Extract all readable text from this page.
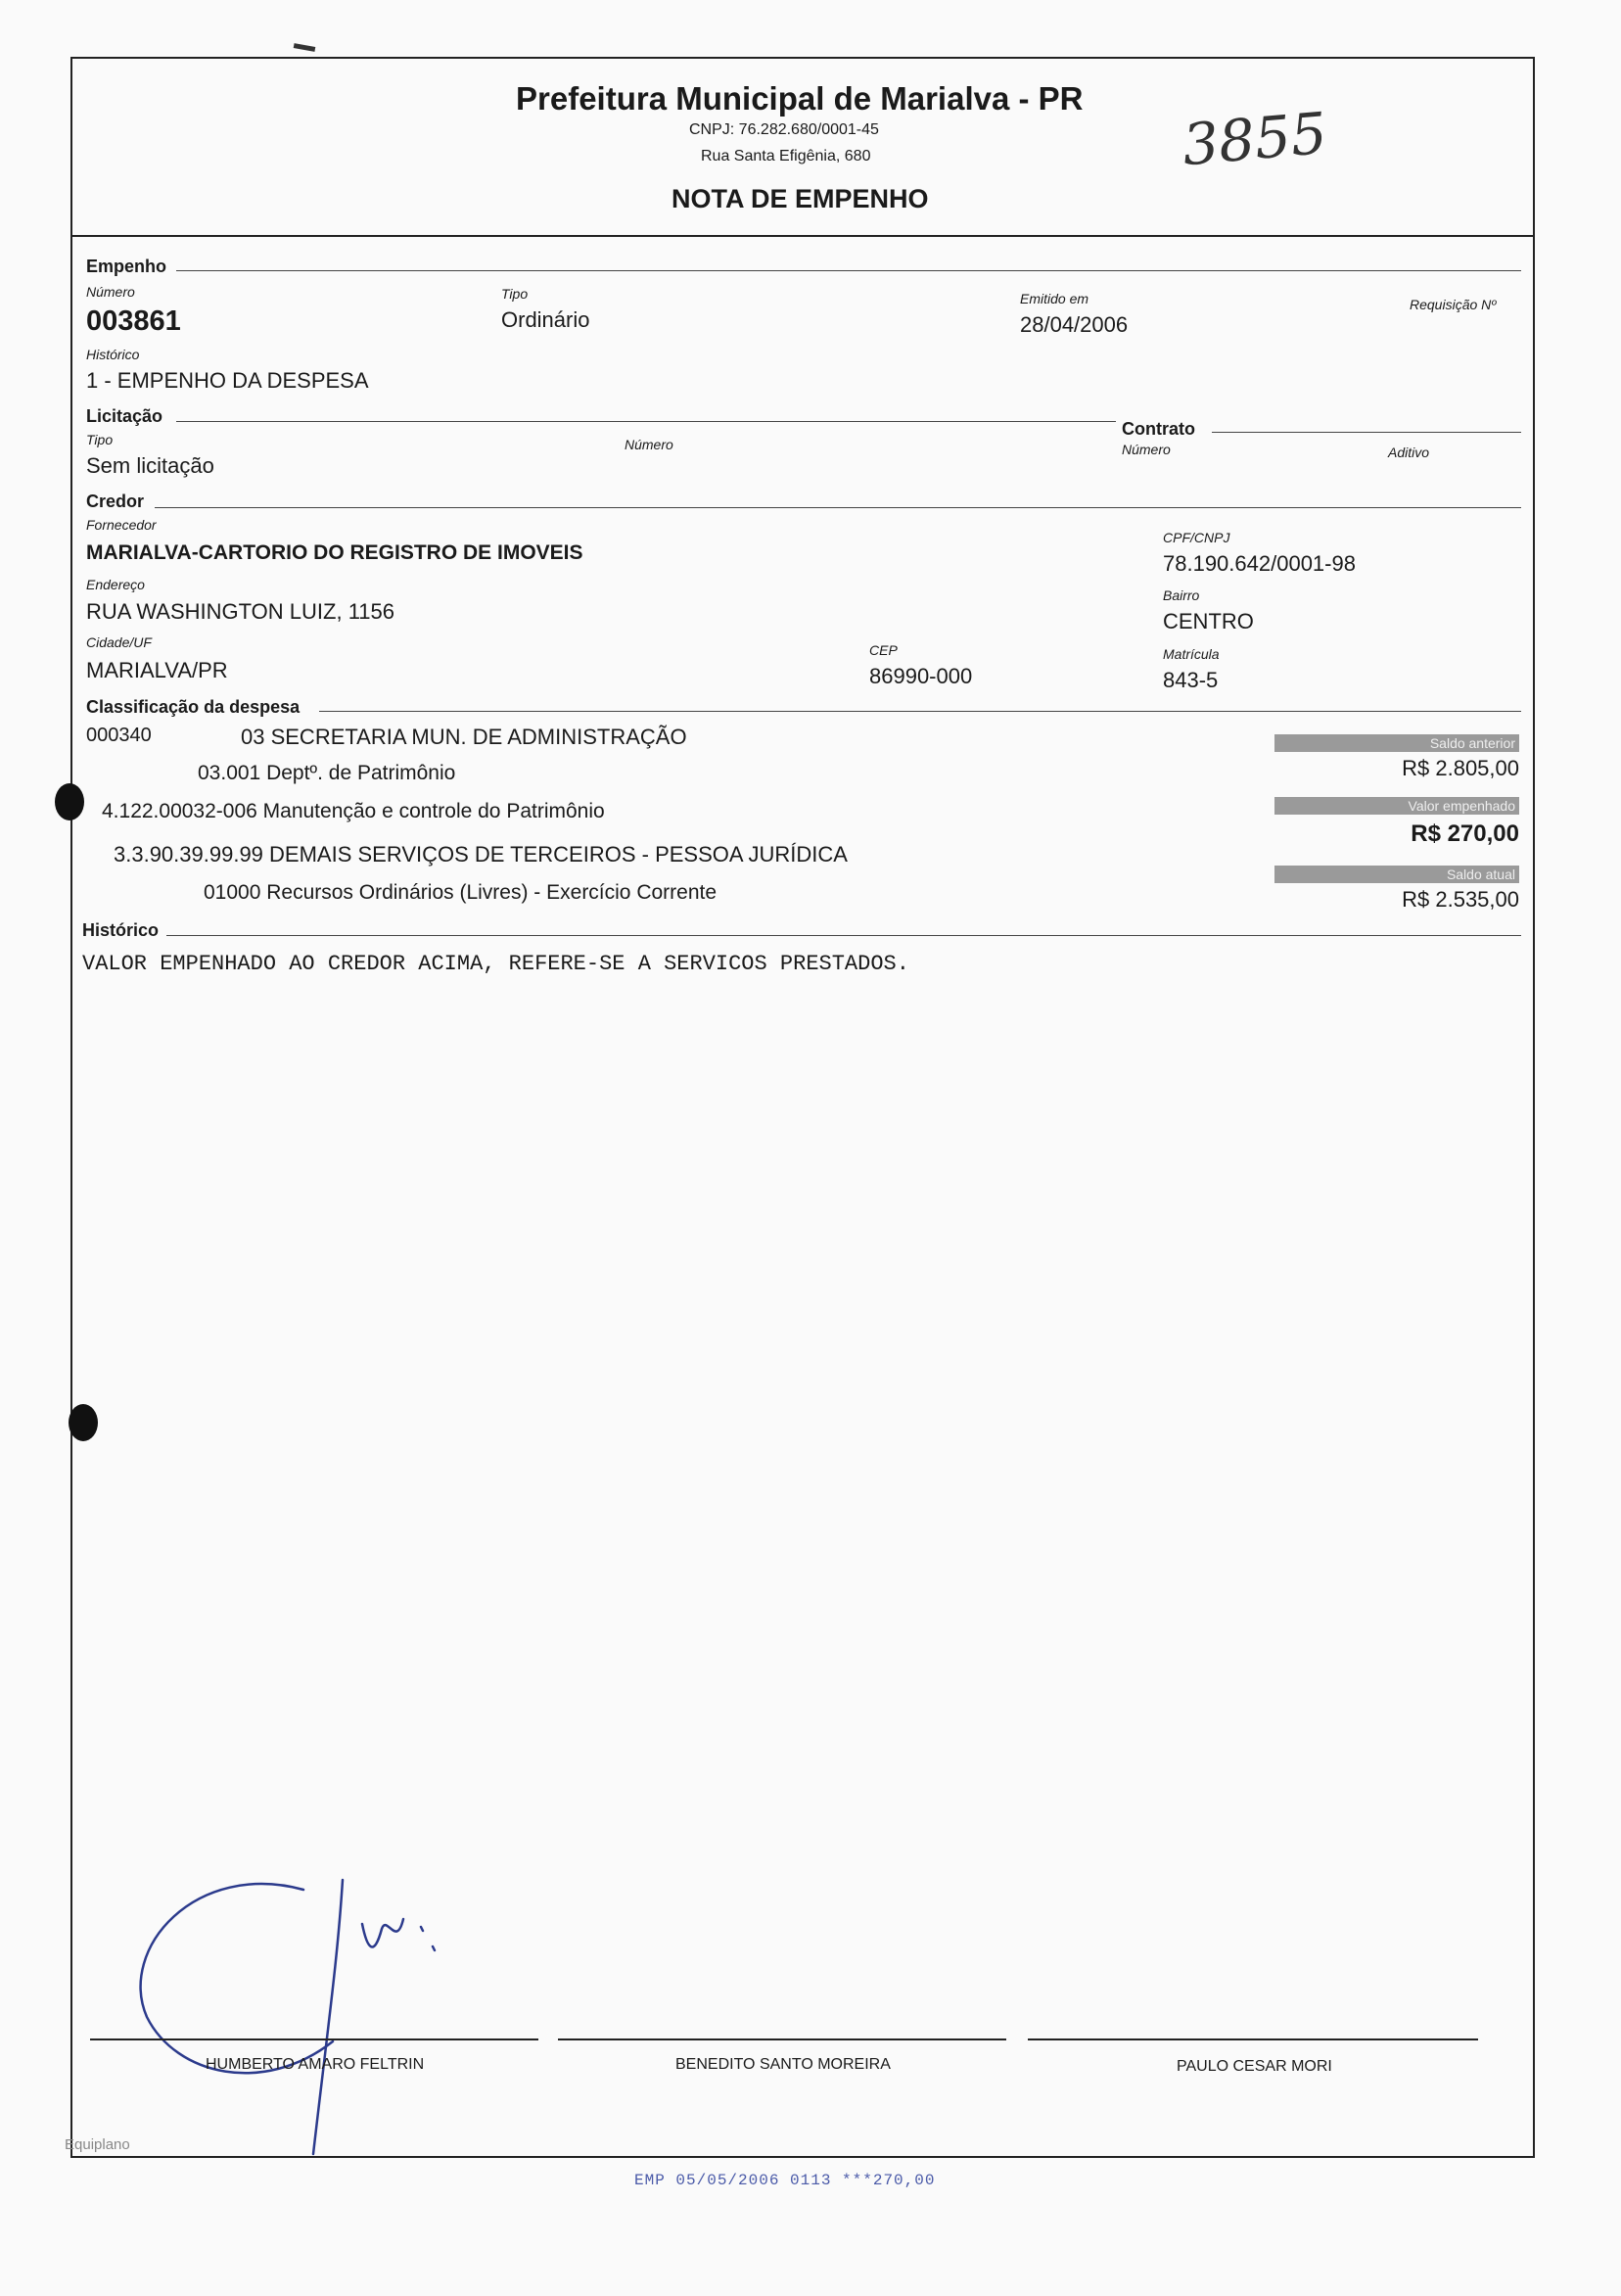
Prefeitura Municipal de Marialva - PR
CNPJ: 76.282.680/0001-45
Rua Santa Efigênia, 680
NOTA DE EMPENHO
3855
Empenho
Número
003861
Tipo
Ordinário
Emitido em
28/04/2006
Requisição Nº
Histórico
1 - EMPENHO DA DESPESA
Licitação
Tipo
Sem licitação
Número
Contrato
Número	Aditivo
Credor
Fornecedor
MARIALVA-CARTORIO DO REGISTRO DE IMOVEIS
CPF/CNPJ
78.190.642/0001-98
Endereço
RUA WASHINGTON LUIZ, 1156
Bairro
CENTRO
Cidade/UF
MARIALVA/PR
CEP
86990-000
Matrícula
843-5
Classificação da despesa
000340	03 SECRETARIA MUN. DE ADMINISTRAÇÃO
03.001 Deptº. de Patrimônio
4.122.00032-006 Manutenção e controle do Patrimônio
3.3.90.39.99.99 DEMAIS SERVIÇOS DE TERCEIROS - PESSOA JURÍDICA
01000 Recursos Ordinários (Livres) - Exercício Corrente
Saldo anterior
R$ 2.805,00
Valor empenhado
R$ 270,00
Saldo atual
R$ 2.535,00
Histórico
VALOR EMPENHADO AO CREDOR ACIMA, REFERE-SE A SERVICOS PRESTADOS.
HUMBERTO AMARO FELTRIN	BENEDITO SANTO MOREIRA	PAULO CESAR MORI
Equiplano
EMP 05/05/2006 0113 ***270,00
